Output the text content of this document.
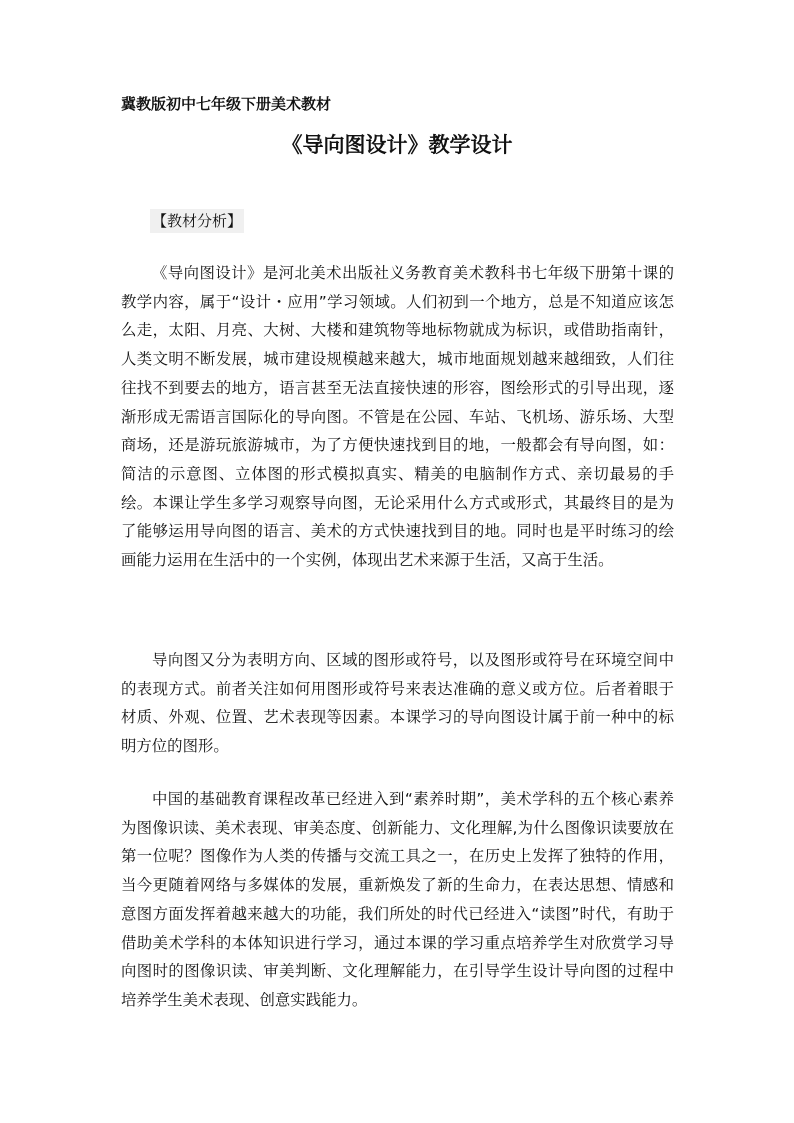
冀教版初中七年级下册美术教材
《导向图设计》教学设计
【教材分析】

《导向图设计》是河北美术出版社义务教育美术教科书七年级下册第十课的教学内容，属于“设计・应用”学习领域。人们初到一个地方，总是不知道应该怎么走，太阳、月亮、大树、大楼和建筑物等地标物就成为标识，或借助指南针，人类文明不断发展，城市建设规模越来越大，城市地面规划越来越细致，人们往往找不到要去的地方，语言甚至无法直接快速的形容，图绘形式的引导出现，逐渐形成无需语言国际化的导向图。不管是在公园、车站、飞机场、游乐场、大型商场，还是游玩旅游城市，为了方便快速找到目的地，一般都会有导向图，如：简洁的示意图、立体图的形式模拟真实、精美的电脑制作方式、亲切最易的手绘。本课让学生多学习观察导向图，无论采用什么方式或形式，其最终目的是为了能够运用导向图的语言、美术的方式快速找到目的地。同时也是平时练习的绘画能力运用在生活中的一个实例，体现出艺术来源于生活，又高于生活。

导向图又分为表明方向、区域的图形或符号，以及图形或符号在环境空间中的表现方式。前者关注如何用图形或符号来表达准确的意义或方位。后者着眼于材质、外观、位置、艺术表现等因素。本课学习的导向图设计属于前一种中的标明方位的图形。

中国的基础教育课程改革已经进入到“素养时期”，美术学科的五个核心素养为图像识读、美术表现、审美态度、创新能力、文化理解,为什么图像识读要放在第一位呢？图像作为人类的传播与交流工具之一，在历史上发挥了独特的作用，当今更随着网络与多媒体的发展，重新焕发了新的生命力，在表达思想、情感和意图方面发挥着越来越大的功能，我们所处的时代已经进入“读图”时代，有助于借助美术学科的本体知识进行学习，通过本课的学习重点培养学生对欣赏学习导向图时的图像识读、审美判断、文化理解能力，在引导学生设计导向图的过程中培养学生美术表现、创意实践能力。
